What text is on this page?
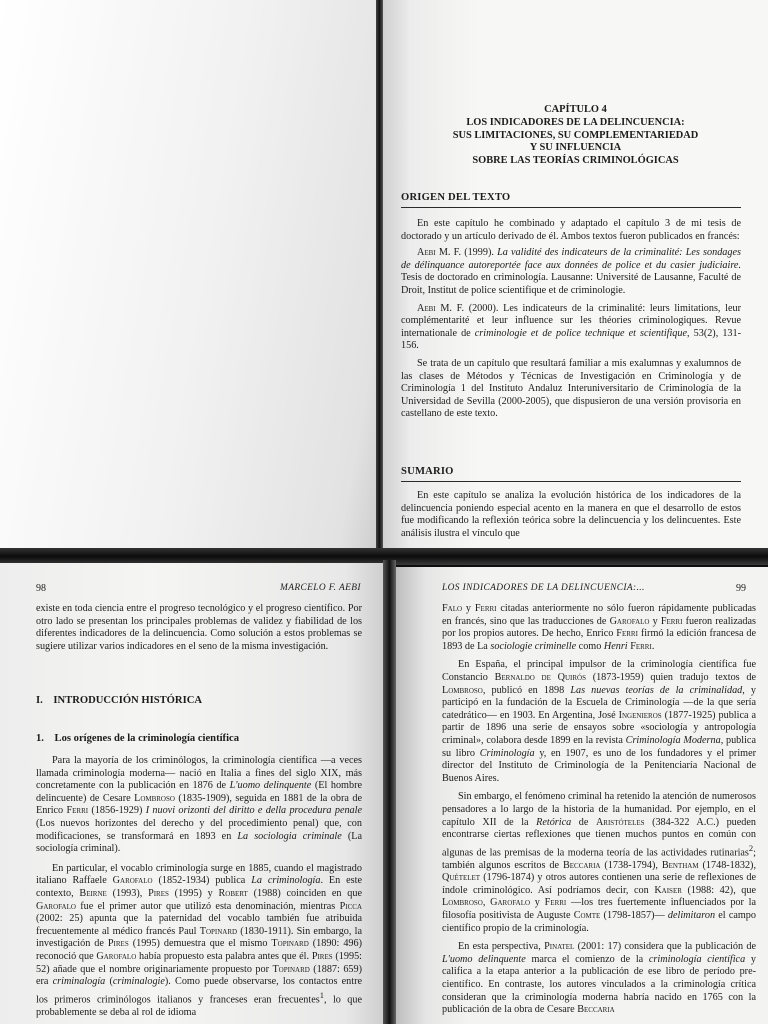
CAPÍTULO 4
LOS INDICADORES DE LA DELINCUENCIA:
SUS LIMITACIONES, SU COMPLEMENTARIEDAD
Y SU INFLUENCIA
SOBRE LAS TEORÍAS CRIMINOLÓGICAS
ORIGEN DEL TEXTO

En este capítulo he combinado y adaptado el capítulo 3 de mi tesis de doctorado y un artículo derivado de él. Ambos textos fueron publicados en francés:

Aebi M. F. (1999). La validité des indicateurs de la criminalité: Les sondages de délinquance autoreportée face aux données de police et du casier judiciaire. Tesis de doctorado en criminología. Lausanne: Université de Lausanne, Faculté de Droit, Institut de police scientifique et de criminologie.

Aebi M. F. (2000). Les indicateurs de la criminalité: leurs limitations, leur complémentarité et leur influence sur les théories criminologiques. Revue internationale de criminologie et de police technique et scientifique, 53(2), 131-156.

Se trata de un capítulo que resultará familiar a mis exalumnas y exalumnos de las clases de Métodos y Técnicas de Investigación en Criminología y de Criminología 1 del Instituto Andaluz Interuniversitario de Criminología de la Universidad de Sevilla (2000-2005), que dispusieron de una versión provisoria en castellano de este texto.

SUMARIO

En este capítulo se analiza la evolución histórica de los indicadores de la delincuencia poniendo especial acento en la manera en que el desarrollo de estos fue modificando la reflexión teórica sobre la delincuencia y los delincuentes. Este análisis ilustra el vínculo que

98	MARCELO F. AEBI

existe en toda ciencia entre el progreso tecnológico y el progreso científico. Por otro lado se presentan los principales problemas de validez y fiabilidad de los diferentes indicadores de la delincuencia. Como solución a estos problemas se sugiere utilizar varios indicadores en el seno de la misma investigación.

I. INTRODUCCIÓN HISTÓRICA
1. Los orígenes de la criminología científica

Para la mayoría de los criminólogos, la criminología científica —a veces llamada criminología moderna— nació en Italia a fines del siglo XIX, más concretamente con la publicación en 1876 de L'uomo delinquente (El hombre delincuente) de Cesare Lombroso (1835-1909), seguida en 1881 de la obra de Enrico Ferri (1856-1929) I nuovi orizonti del diritto e della procedura penale (Los nuevos horizontes del derecho y del procedimiento penal) que, con modificaciones, se transformará en 1893 en La sociologia criminale (La sociología criminal).

En particular, el vocablo criminología surge en 1885, cuando el magistrado italiano Raffaele Garofalo (1852-1934) publica La criminología. En este contexto, Beirne (1993), Pires (1995) y Robert (1988) coinciden en que Garofalo fue el primer autor que utilizó esta denominación, mientras Picca (2002: 25) apunta que la paternidad del vocablo también fue atribuida frecuentemente al médico francés Paul Topinard (1830-1911). Sin embargo, la investigación de Pires (1995) demuestra que el mismo Topinard (1890: 496) reconoció que Garofalo había propuesto esta palabra antes que él. Pires (1995: 52) añade que el nombre originariamente propuesto por Topinard (1887: 659) era criminalogía (criminalogie). Como puede observarse, los contactos entre los primeros criminólogos italianos y franceses eran frecuentes$^1$, lo que probablemente se deba al rol de idioma

LOS INDICADORES DE LA DELINCUENCIA:...	99

Falo y Ferri citadas anteriormente no sólo fueron rápidamente publicadas en francés, sino que las traducciones de Garofalo y Ferri fueron realizadas por los propios autores. De hecho, Enrico Ferri firmó la edición francesa de 1893 de La sociologie criminelle como Henri Ferri.

En España, el principal impulsor de la criminología científica fue Constancio Bernaldo de Quirós (1873-1959) quien tradujo textos de Lombroso, publicó en 1898 Las nuevas teorías de la criminalidad, y participó en la fundación de la Escuela de Criminología —de la que sería catedrático— en 1903. En Argentina, José Ingenieros (1877-1925) publica a partir de 1896 una serie de ensayos sobre «sociología y antropología criminal», colabora desde 1899 en la revista Criminología Moderna, publica su libro Criminología y, en 1907, es uno de los fundadores y el primer director del Instituto de Criminología de la Penitenciaría Nacional de Buenos Aires.

Sin embargo, el fenómeno criminal ha retenido la atención de numerosos pensadores a lo largo de la historia de la humanidad. Por ejemplo, en el capítulo XII de la Retórica de Aristóteles (384-322 A.C.) pueden encontrarse ciertas reflexiones que tienen muchos puntos en común con algunas de las premisas de la moderna teoría de las actividades rutinarias$^2$; también algunos escritos de Beccaria (1738-1794), Bentham (1748-1832), Quételet (1796-1874) y otros autores contienen una serie de reflexiones de índole criminológico. Así podríamos decir, con Kaiser (1988: 42), que Lombroso, Garofalo y Ferri —los tres fuertemente influenciados por la filosofía positivista de Auguste Comte (1798-1857)— delimitaron el campo científico propio de la criminología.

En esta perspectiva, Pinatel (2001: 17) considera que la publicación de L'uomo delinquente marca el comienzo de la criminología científica y califica a la etapa anterior a la publicación de ese libro de período pre-científico. En contraste, los autores vinculados a la criminología crítica consideran que la criminología moderna habría nacido en 1765 con la publicación de la obra de Cesare Beccaria
